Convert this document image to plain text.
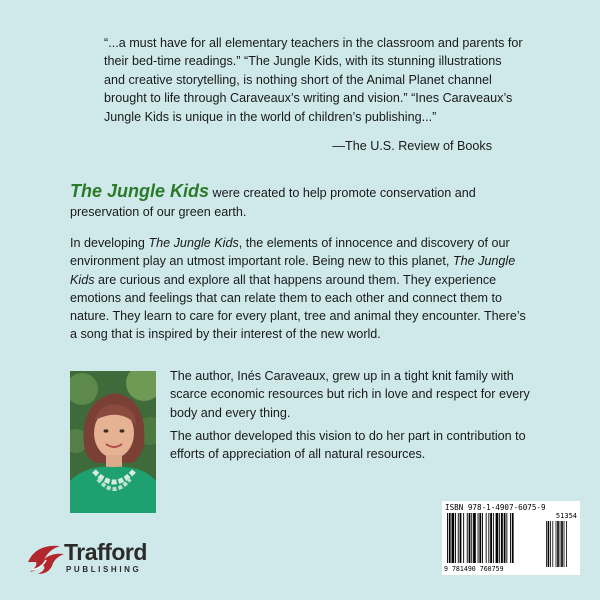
“...a must have for all elementary teachers in the classroom and parents for their bed-time readings.” “The Jungle Kids, with its stunning illustrations and creative storytelling, is nothing short of the Animal Planet channel brought to life through Caraveaux’s writing and vision.” “Ines Caraveaux’s Jungle Kids is unique in the world of children’s publishing...”
—The U.S. Review of Books
The Jungle Kids were created to help promote conservation and preservation of our green earth.
In developing The Jungle Kids, the elements of innocence and discovery of our environment play an utmost important role. Being new to this planet, The Jungle Kids are curious and explore all that happens around them. They experience emotions and feelings that can relate them to each other and connect them to nature. They learn to care for every plant, tree and animal they encounter. There’s a song that is inspired by their interest of the new world.
The author, Inés Caraveaux, grew up in a tight knit family with scarce economic resources but rich in love and respect for every body and every thing.
The author developed this vision to do her part in contribution to efforts of appreciation of all natural resources.
Trafford
PUBLISHING
ISBN 978-1-4907-6075-9
51354
9 781490 760759
